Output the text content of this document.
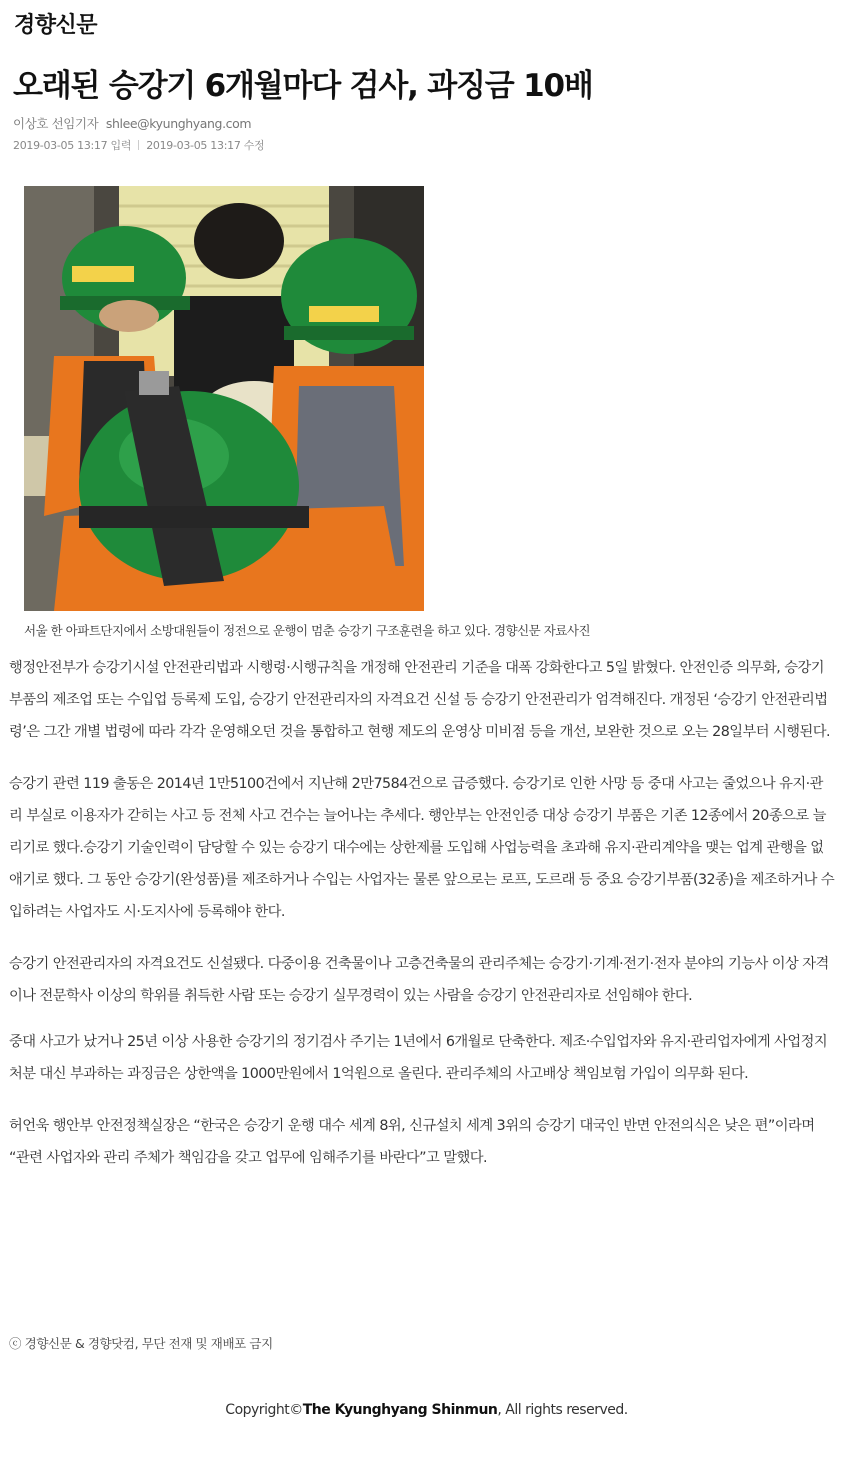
경향신문
오래된 승강기 6개월마다 검사, 과징금 10배
이상호 선임기자 shlee@kyunghyang.com
2019-03-05 13:17 입력 2019-03-05 13:17 수정
서울 한 아파트단지에서 소방대원들이 정전으로 운행이 멈춘 승강기 구조훈련을 하고 있다. 경향신문 자료사진

행정안전부가 승강기시설 안전관리법과 시행령·시행규칙을 개정해 안전관리 기준을 대폭 강화한다고 5일 밝혔다. 안전인증 의무화, 승강기부품의 제조업 또는 수입업 등록제 도입, 승강기 안전관리자의 자격요건 신설 등 승강기 안전관리가 엄격해진다. 개정된 ‘승강기 안전관리법령’은 그간 개별 법령에 따라 각각 운영해오던 것을 통합하고 현행 제도의 운영상 미비점 등을 개선, 보완한 것으로 오는 28일부터 시행된다.

승강기 관련 119 출동은 2014년 1만5100건에서 지난해 2만7584건으로 급증했다. 승강기로 인한 사망 등 중대 사고는 줄었으나 유지·관리 부실로 이용자가 갇히는 사고 등 전체 사고 건수는 늘어나는 추세다. 행안부는 안전인증 대상 승강기 부품은 기존 12종에서 20종으로 늘리기로 했다.승강기 기술인력이 담당할 수 있는 승강기 대수에는 상한제를 도입해 사업능력을 초과해 유지·관리계약을 맺는 업계 관행을 없애기로 했다. 그 동안 승강기(완성품)를 제조하거나 수입는 사업자는 물론 앞으로는 로프, 도르래 등 중요 승강기부품(32종)을 제조하거나 수입하려는 사업자도 시·도지사에 등록해야 한다.

승강기 안전관리자의 자격요건도 신설됐다. 다중이용 건축물이나 고층건축물의 관리주체는 승강기·기계·전기·전자 분야의 기능사 이상 자격이나 전문학사 이상의 학위를 취득한 사람 또는 승강기 실무경력이 있는 사람을 승강기 안전관리자로 선임해야 한다.

중대 사고가 났거나 25년 이상 사용한 승강기의 정기검사 주기는 1년에서 6개월로 단축한다. 제조·수입업자와 유지·관리업자에게 사업정지 처분 대신 부과하는 과징금은 상한액을 1000만원에서 1억원으로 올린다. 관리주체의 사고배상 책임보험 가입이 의무화 된다.

허언욱 행안부 안전정책실장은 “한국은 승강기 운행 대수 세계 8위, 신규설치 세계 3위의 승강기 대국인 반면 안전의식은 낮은 편”이라며 “관련 사업자와 관리 주체가 책임감을 갖고 업무에 임해주기를 바란다”고 말했다.

ⓒ 경향신문 & 경향닷컴, 무단 전재 및 재배포 금지
Copyright©The Kyunghyang Shinmun, All rights reserved.
